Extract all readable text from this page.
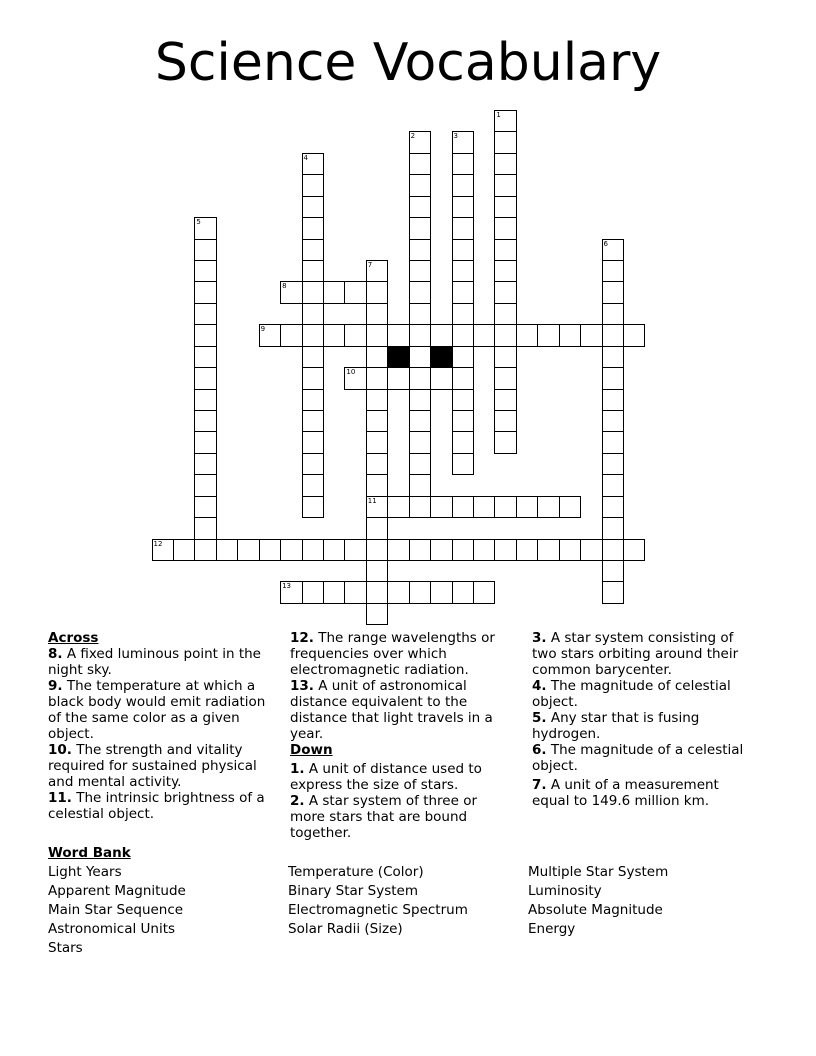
Science Vocabulary
1
2	3
4
5
6
7
11
8
9
10
12
13

Across

8. A fixed luminous point in the night sky.

9. The temperature at which a black body would emit radiation of the same color as a given object.

10. The strength and vitality required for sustained physical and mental activity.

11. The intrinsic brightness of a celestial object.

12. The range wavelengths or frequencies over which electromagnetic radiation.

13. A unit of astronomical distance equivalent to the distance that light travels in a year.

Down

1. A unit of distance used to express the size of stars.

2. A star system of three or more stars that are bound together.

3. A star system consisting of two stars orbiting around their common barycenter.

4. The magnitude of celestial object.

5. Any star that is fusing hydrogen.

6. The magnitude of a celestial object.

7. A unit of a measurement equal to 149.6 million km.

Word Bank
Light Years
Apparent Magnitude
Main Star Sequence
Astronomical Units
Stars
Temperature (Color)
Binary Star System
Electromagnetic Spectrum
Solar Radii (Size)
Multiple Star System
Luminosity
Absolute Magnitude
Energy
